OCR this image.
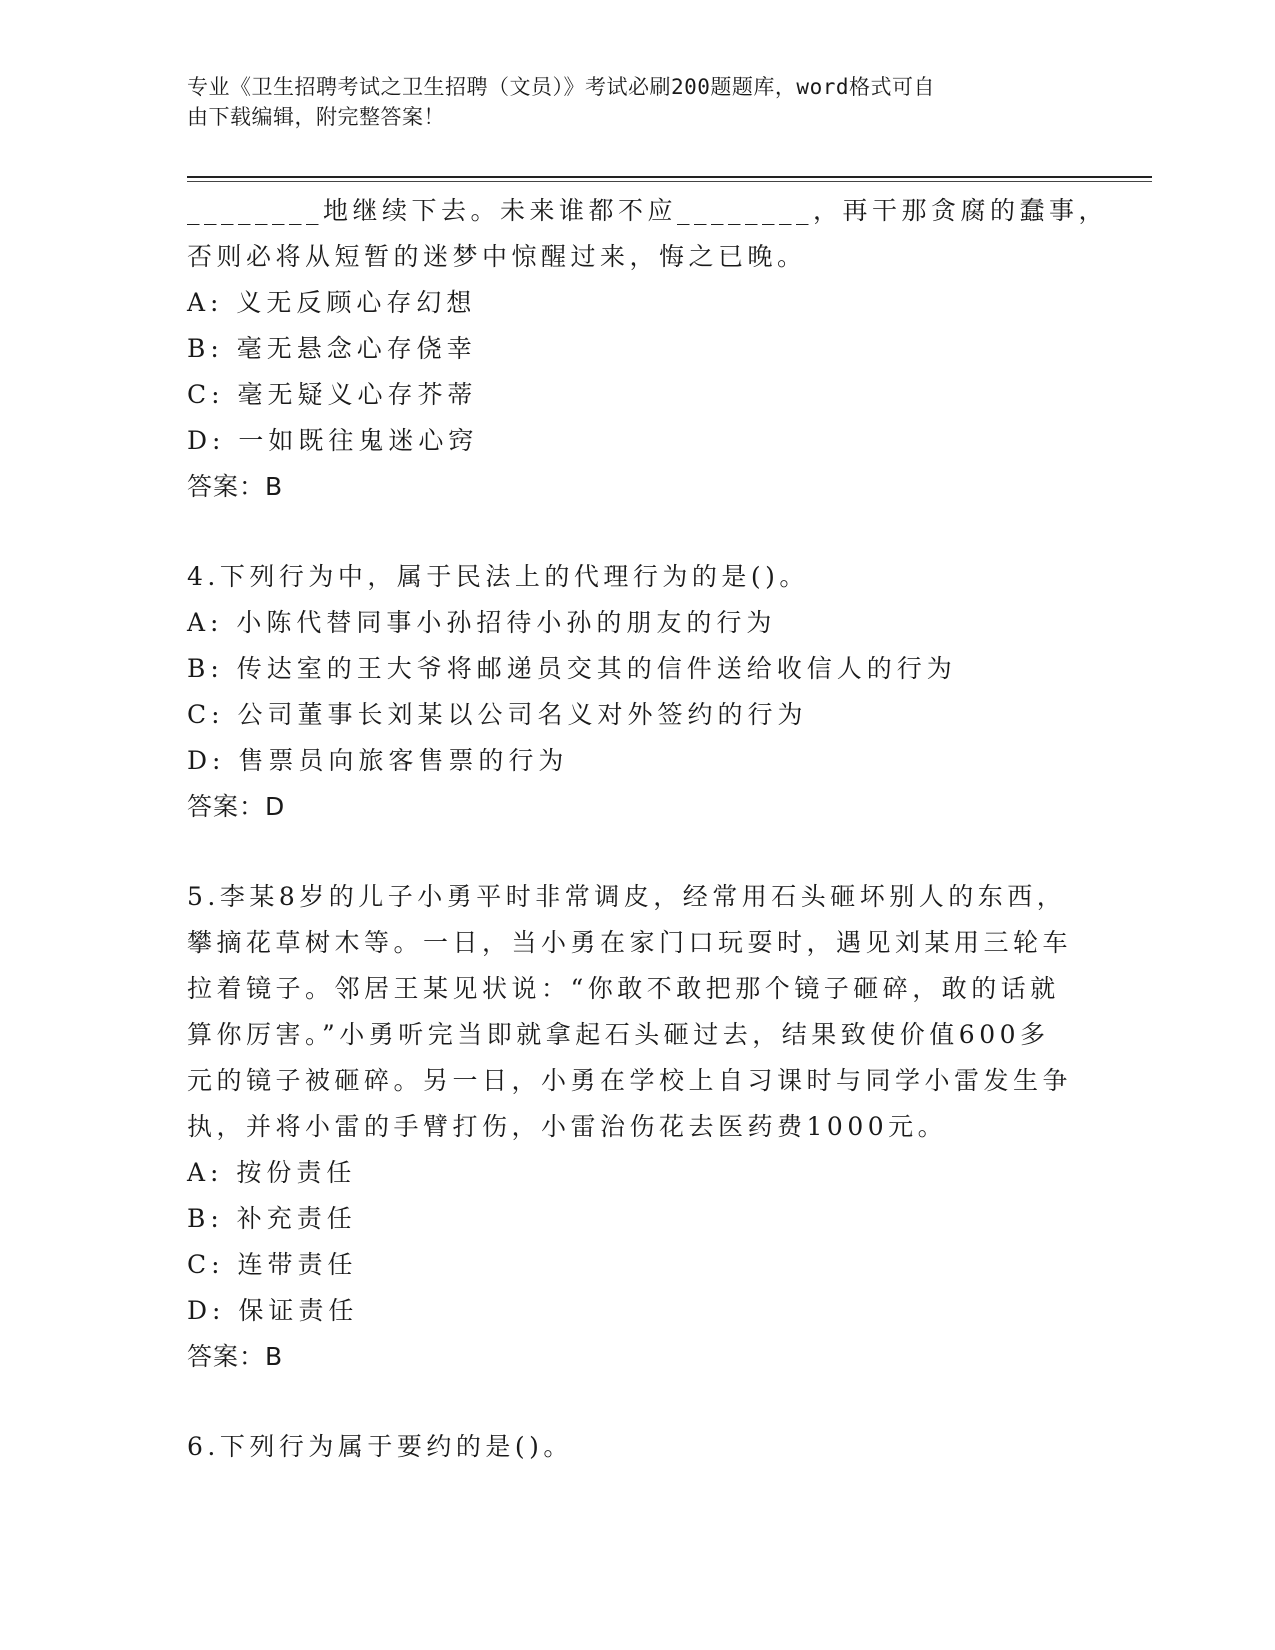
专业《卫生招聘考试之卫生招聘（文员）》考试必刷200题题库，word格式可自
由下载编辑，附完整答案！
________地继续下去。未来谁都不应________，再干那贪腐的蠢事，
否则必将从短暂的迷梦中惊醒过来，悔之已晚。
A: 义无反顾心存幻想
B: 毫无悬念心存侥幸
C: 毫无疑义心存芥蒂
D: 一如既往鬼迷心窍
答案：B
4.下列行为中，属于民法上的代理行为的是()。
A: 小陈代替同事小孙招待小孙的朋友的行为
B: 传达室的王大爷将邮递员交其的信件送给收信人的行为
C: 公司董事长刘某以公司名义对外签约的行为
D: 售票员向旅客售票的行为
答案：D
5.李某8岁的儿子小勇平时非常调皮，经常用石头砸坏别人的东西，
攀摘花草树木等。一日，当小勇在家门口玩耍时，遇见刘某用三轮车
拉着镜子。邻居王某见状说：“你敢不敢把那个镜子砸碎，敢的话就
算你厉害。”小勇听完当即就拿起石头砸过去，结果致使价值600多
元的镜子被砸碎。另一日，小勇在学校上自习课时与同学小雷发生争
执，并将小雷的手臂打伤，小雷治伤花去医药费1000元。
A: 按份责任
B: 补充责任
C: 连带责任
D: 保证责任
答案：B
6.下列行为属于要约的是()。
